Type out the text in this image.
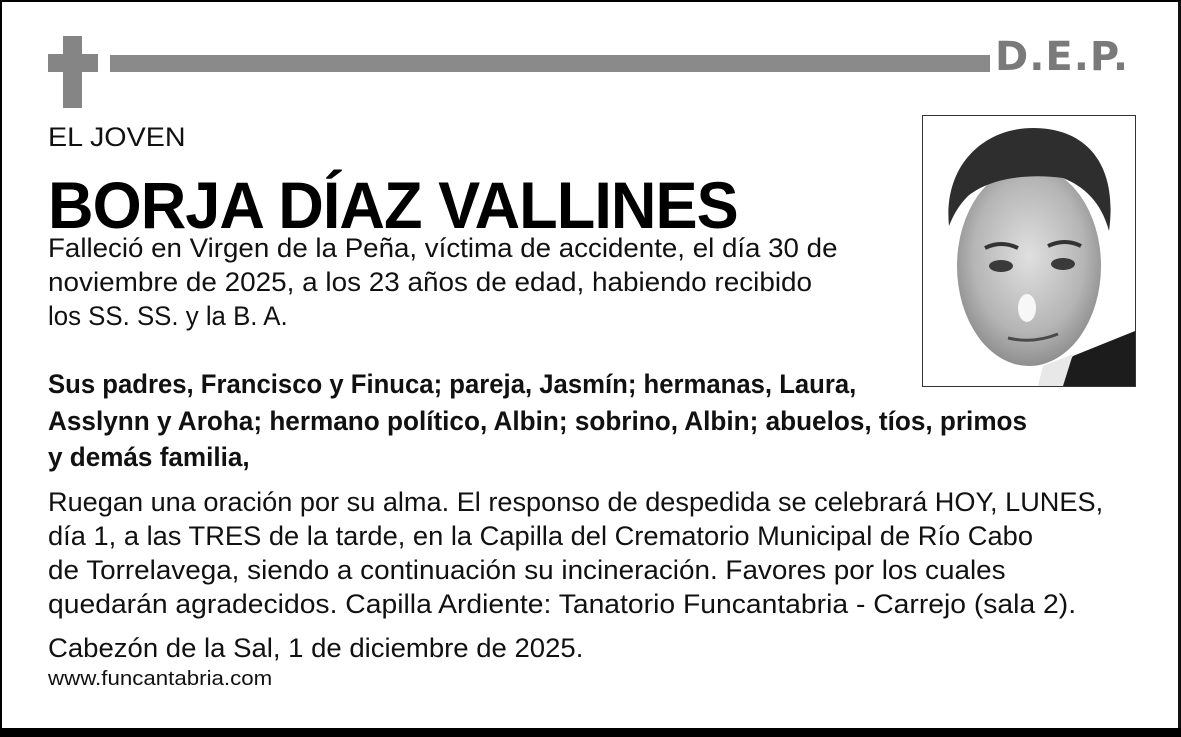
D.E.P.
EL JOVEN
BORJA DÍAZ VALLINES
Falleció en Virgen de la Peña, víctima de accidente, el día 30 de
noviembre de 2025, a los 23 años de edad, habiendo recibido
los SS. SS. y la B. A.
Sus padres, Francisco y Finuca; pareja, Jasmín; hermanas, Laura,
Asslynn y Aroha; hermano político, Albin; sobrino, Albin; abuelos, tíos, primos
y demás familia,
Ruegan una oración por su alma. El responso de despedida se celebrará HOY, LUNES,
día 1, a las TRES de la tarde, en la Capilla del Crematorio Municipal de Río Cabo
de Torrelavega, siendo a continuación su incineración. Favores por los cuales
quedarán agradecidos. Capilla Ardiente: Tanatorio Funcantabria - Carrejo (sala 2).
Cabezón de la Sal, 1 de diciembre de 2025.
www.funcantabria.com
